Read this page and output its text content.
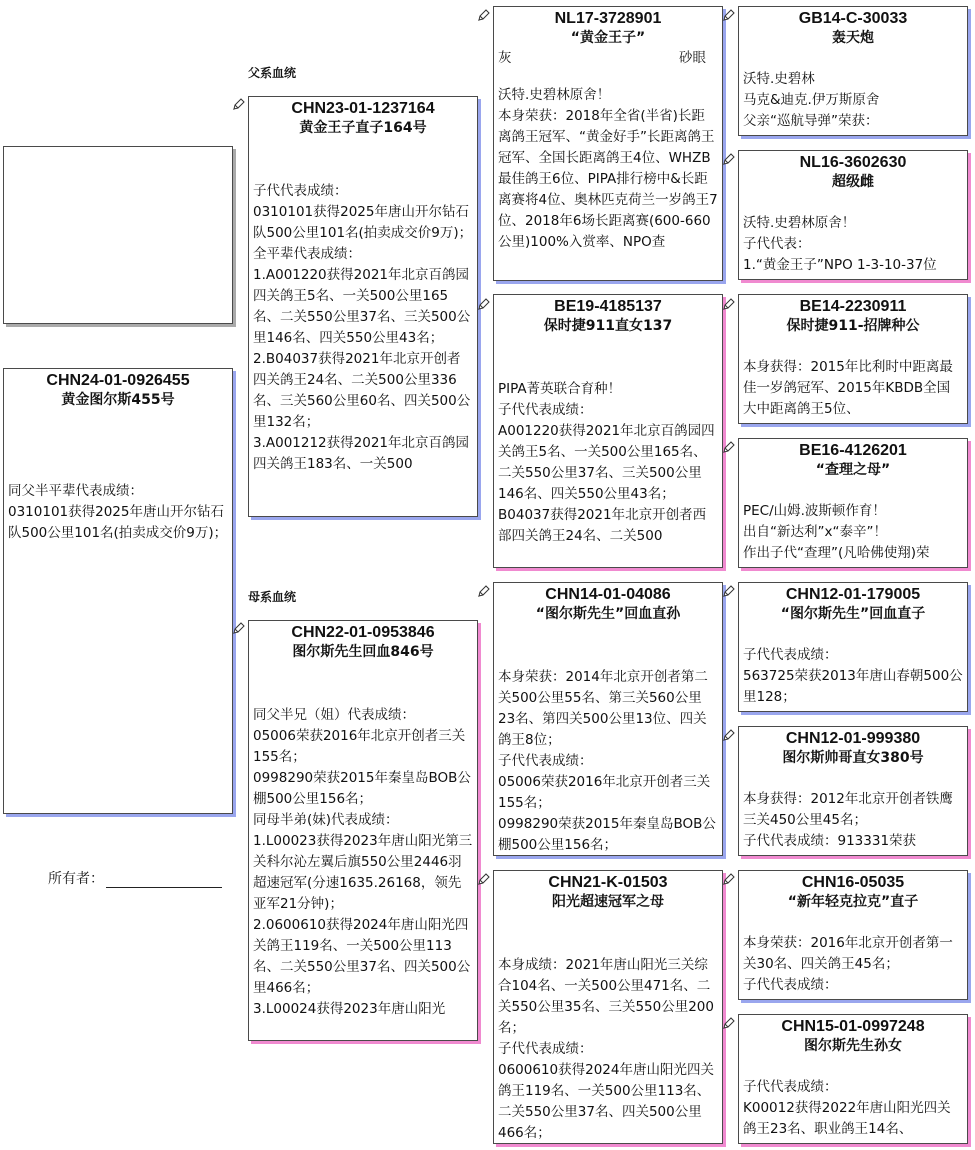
CHN24-01-0926455
黄金图尔斯455号
同父半平辈代表成绩：
0310101获得2025年唐山开尔钻石队500公里101名(拍卖成交价9万)；
所有者：
父系血统
母系血统
CHN23-01-1237164
黄金王子直子164号
子代代表成绩：
0310101获得2025年唐山开尔钻石队500公里101名(拍卖成交价9万)；
全平辈代表成绩：
1.A001220获得2021年北京百鸽园四关鸽王5名、一关500公里165名、二关550公里37名、三关500公里146名、四关550公里43名；
2.B04037获得2021年北京开创者四关鸽王24名、二关500公里336名、三关560公里60名、四关500公里132名；
3.A001212获得2021年北京百鸽园四关鸽王183名、一关500
CHN22-01-0953846
图尔斯先生回血846号
同父半兄（姐）代表成绩：
05006荣获2016年北京开创者三关155名；
0998290荣获2015年秦皇岛BOB公棚500公里156名；
同母半弟(妹)代表成绩：
1.L00023获得2023年唐山阳光第三关科尔沁左翼后旗550公里2446羽超速冠军(分速1635.26168，领先亚军21分钟)；
2.0600610获得2024年唐山阳光四关鸽王119名、一关500公里113名、二关550公里37名、四关500公里466名；
3.L00024获得2023年唐山阳光
NL17-3728901
“黄金王子”
灰	砂眼
沃特.史碧林原舍！
本身荣获：2018年全省(半省)长距离鸽王冠军、“黄金好手”长距离鸽王冠军、全国长距离鸽王4位、WHZB最佳鸽王6位、PIPA排行榜中&长距离赛将4位、奥林匹克荷兰一岁鸽王7位、2018年6场长距离赛(600-660公里)100%入赏率、NPO查
BE19-4185137
保时捷911直女137
PIPA菁英联合育种！
子代代表成绩：
A001220获得2021年北京百鸽园四关鸽王5名、一关500公里165名、二关550公里37名、三关500公里146名、四关550公里43名；
B04037获得2021年北京开创者西部四关鸽王24名、二关500
CHN14-01-04086
“图尔斯先生”回血直孙
本身荣获：2014年北京开创者第二关500公里55名、第三关560公里23名、第四关500公里13位、四关鸽王8位；
子代代表成绩：
05006荣获2016年北京开创者三关155名；
0998290荣获2015年秦皇岛BOB公棚500公里156名；
CHN21-K-01503
阳光超速冠军之母
本身成绩：2021年唐山阳光三关综合104名、一关500公里471名、二关550公里35名、三关550公里200名；
子代代表成绩：
0600610获得2024年唐山阳光四关鸽王119名、一关500公里113名、二关550公里37名、四关500公里466名；
GB14-C-30033
轰天炮
沃特.史碧林
马克&迪克.伊万斯原舍
父亲“巡航导弹”荣获：
NL16-3602630
超级雌
沃特.史碧林原舍！
子代代表：
1.“黄金王子”NPO 1-3-10-37位
BE14-2230911
保时捷911-招牌种公
本身获得：2015年比利时中距离最佳一岁鸽冠军、2015年KBDB全国大中距离鸽王5位、
BE16-4126201
“查理之母”
PEC/山姆.波斯顿作育！
出自“新达利”x“泰辛”！
作出子代“查理”(凡哈佛使翔)荣
CHN12-01-179005
“图尔斯先生”回血直子
子代代表成绩：
563725荣获2013年唐山春朝500公里128；
CHN12-01-999380
图尔斯帅哥直女380号
本身获得：2012年北京开创者铁鹰三关450公里45名；
子代代表成绩：913331荣获
CHN16-05035
“新年轻克拉克”直子
本身荣获：2016年北京开创者第一关30名、四关鸽王45名；
子代代表成绩：
CHN15-01-0997248
图尔斯先生孙女
子代代表成绩：
K00012获得2022年唐山阳光四关鸽王23名、职业鸽王14名、
